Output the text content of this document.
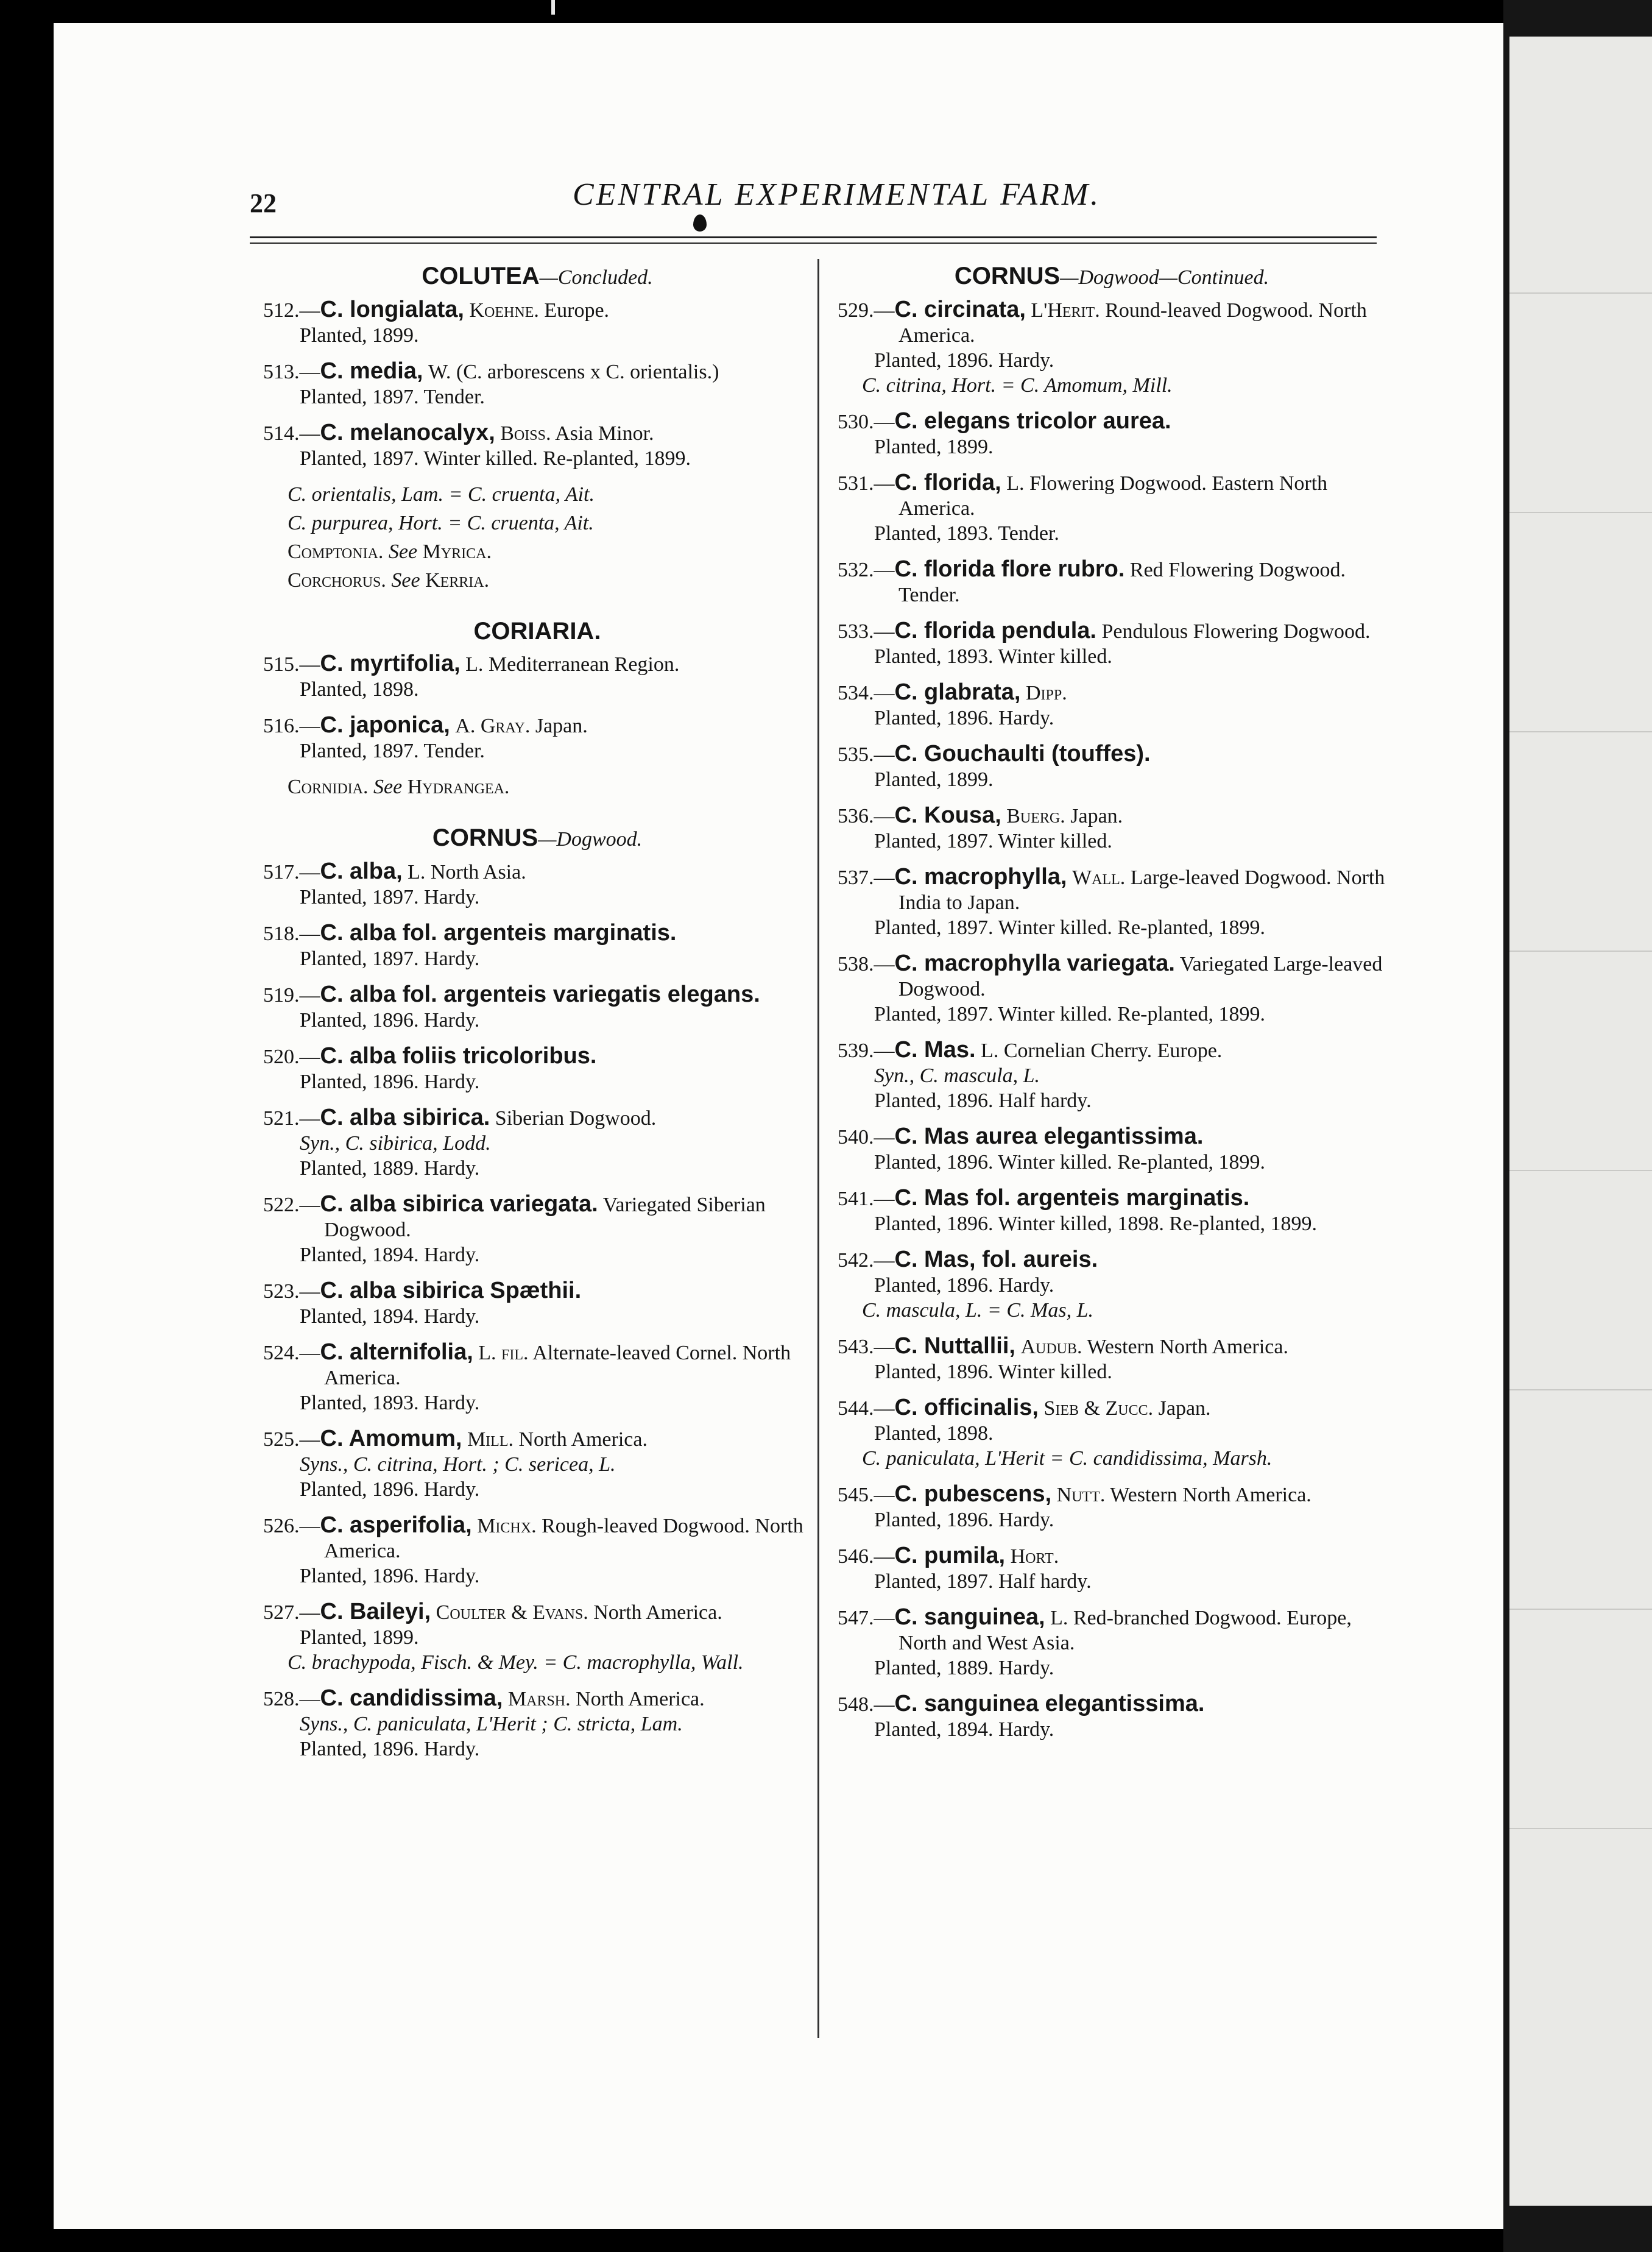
22	CENTRAL EXPERIMENTAL FARM.
COLUTEA—Concluded.
512.—C. longialata, Koehne. Europe.
Planted, 1899.
513.—C. media, W. (C. arborescens x C. orientalis.)
Planted, 1897. Tender.
514.—C. melanocalyx, Boiss. Asia Minor.
Planted, 1897. Winter killed. Re-planted, 1899.
C. orientalis, Lam. = C. cruenta, Ait.
C. purpurea, Hort. = C. cruenta, Ait.
Comptonia. See Myrica.
Corchorus. See Kerria.
CORIARIA.
515.—C. myrtifolia, L. Mediterranean Region.
Planted, 1898.
516.—C. japonica, A. Gray. Japan.
Planted, 1897. Tender.
Cornidia. See Hydrangea.
CORNUS—Dogwood.
517.—C. alba, L. North Asia.
Planted, 1897. Hardy.
518.—C. alba fol. argenteis marginatis.
Planted, 1897. Hardy.
519.—C. alba fol. argenteis variegatis elegans.
Planted, 1896. Hardy.
520.—C. alba foliis tricoloribus.
Planted, 1896. Hardy.
521.—C. alba sibirica. Siberian Dogwood.
Syn., C. sibirica, Lodd.
Planted, 1889. Hardy.
522.—C. alba sibirica variegata. Variegated Siberian Dogwood.
Planted, 1894. Hardy.
523.—C. alba sibirica Spæthii.
Planted, 1894. Hardy.
524.—C. alternifolia, L. fil. Alternate-leaved Cornel. North America.
Planted, 1893. Hardy.
525.—C. Amomum, Mill. North America.
Syns., C. citrina, Hort. ; C. sericea, L.
Planted, 1896. Hardy.
526.—C. asperifolia, Michx. Rough-leaved Dogwood. North America.
Planted, 1896. Hardy.
527.—C. Baileyi, Coulter & Evans. North America.
Planted, 1899.
C. brachypoda, Fisch. & Mey. = C. macrophylla, Wall.
528.—C. candidissima, Marsh. North America.
Syns., C. paniculata, L'Herit ; C. stricta, Lam.
Planted, 1896. Hardy.
CORNUS—Dogwood—Continued.
529.—C. circinata, L'Herit. Round-leaved Dogwood. North America.
Planted, 1896. Hardy.
C. citrina, Hort. = C. Amomum, Mill.
530.—C. elegans tricolor aurea.
Planted, 1899.
531.—C. florida, L. Flowering Dogwood. Eastern North America.
Planted, 1893. Tender.
532.—C. florida flore rubro. Red Flowering Dogwood. Tender.
533.—C. florida pendula. Pendulous Flowering Dogwood.
Planted, 1893. Winter killed.
534.—C. glabrata, Dipp.
Planted, 1896. Hardy.
535.—C. Gouchaulti (touffes).
Planted, 1899.
536.—C. Kousa, Buerg. Japan.
Planted, 1897. Winter killed.
537.—C. macrophylla, Wall. Large-leaved Dogwood. North India to Japan.
Planted, 1897. Winter killed. Re-planted, 1899.
538.—C. macrophylla variegata. Variegated Large-leaved Dogwood.
Planted, 1897. Winter killed. Re-planted, 1899.
539.—C. Mas. L. Cornelian Cherry. Europe.
Syn., C. mascula, L.
Planted, 1896. Half hardy.
540.—C. Mas aurea elegantissima.
Planted, 1896. Winter killed. Re-planted, 1899.
541.—C. Mas fol. argenteis marginatis.
Planted, 1896. Winter killed, 1898. Re-planted, 1899.
542.—C. Mas, fol. aureis.
Planted, 1896. Hardy.
C. mascula, L. = C. Mas, L.
543.—C. Nuttallii, Audub. Western North America.
Planted, 1896. Winter killed.
544.—C. officinalis, Sieb & Zucc. Japan.
Planted, 1898.
C. paniculata, L'Herit = C. candidissima, Marsh.
545.—C. pubescens, Nutt. Western North America.
Planted, 1896. Hardy.
546.—C. pumila, Hort.
Planted, 1897. Half hardy.
547.—C. sanguinea, L. Red-branched Dogwood. Europe, North and West Asia.
Planted, 1889. Hardy.
548.—C. sanguinea elegantissima.
Planted, 1894. Hardy.
